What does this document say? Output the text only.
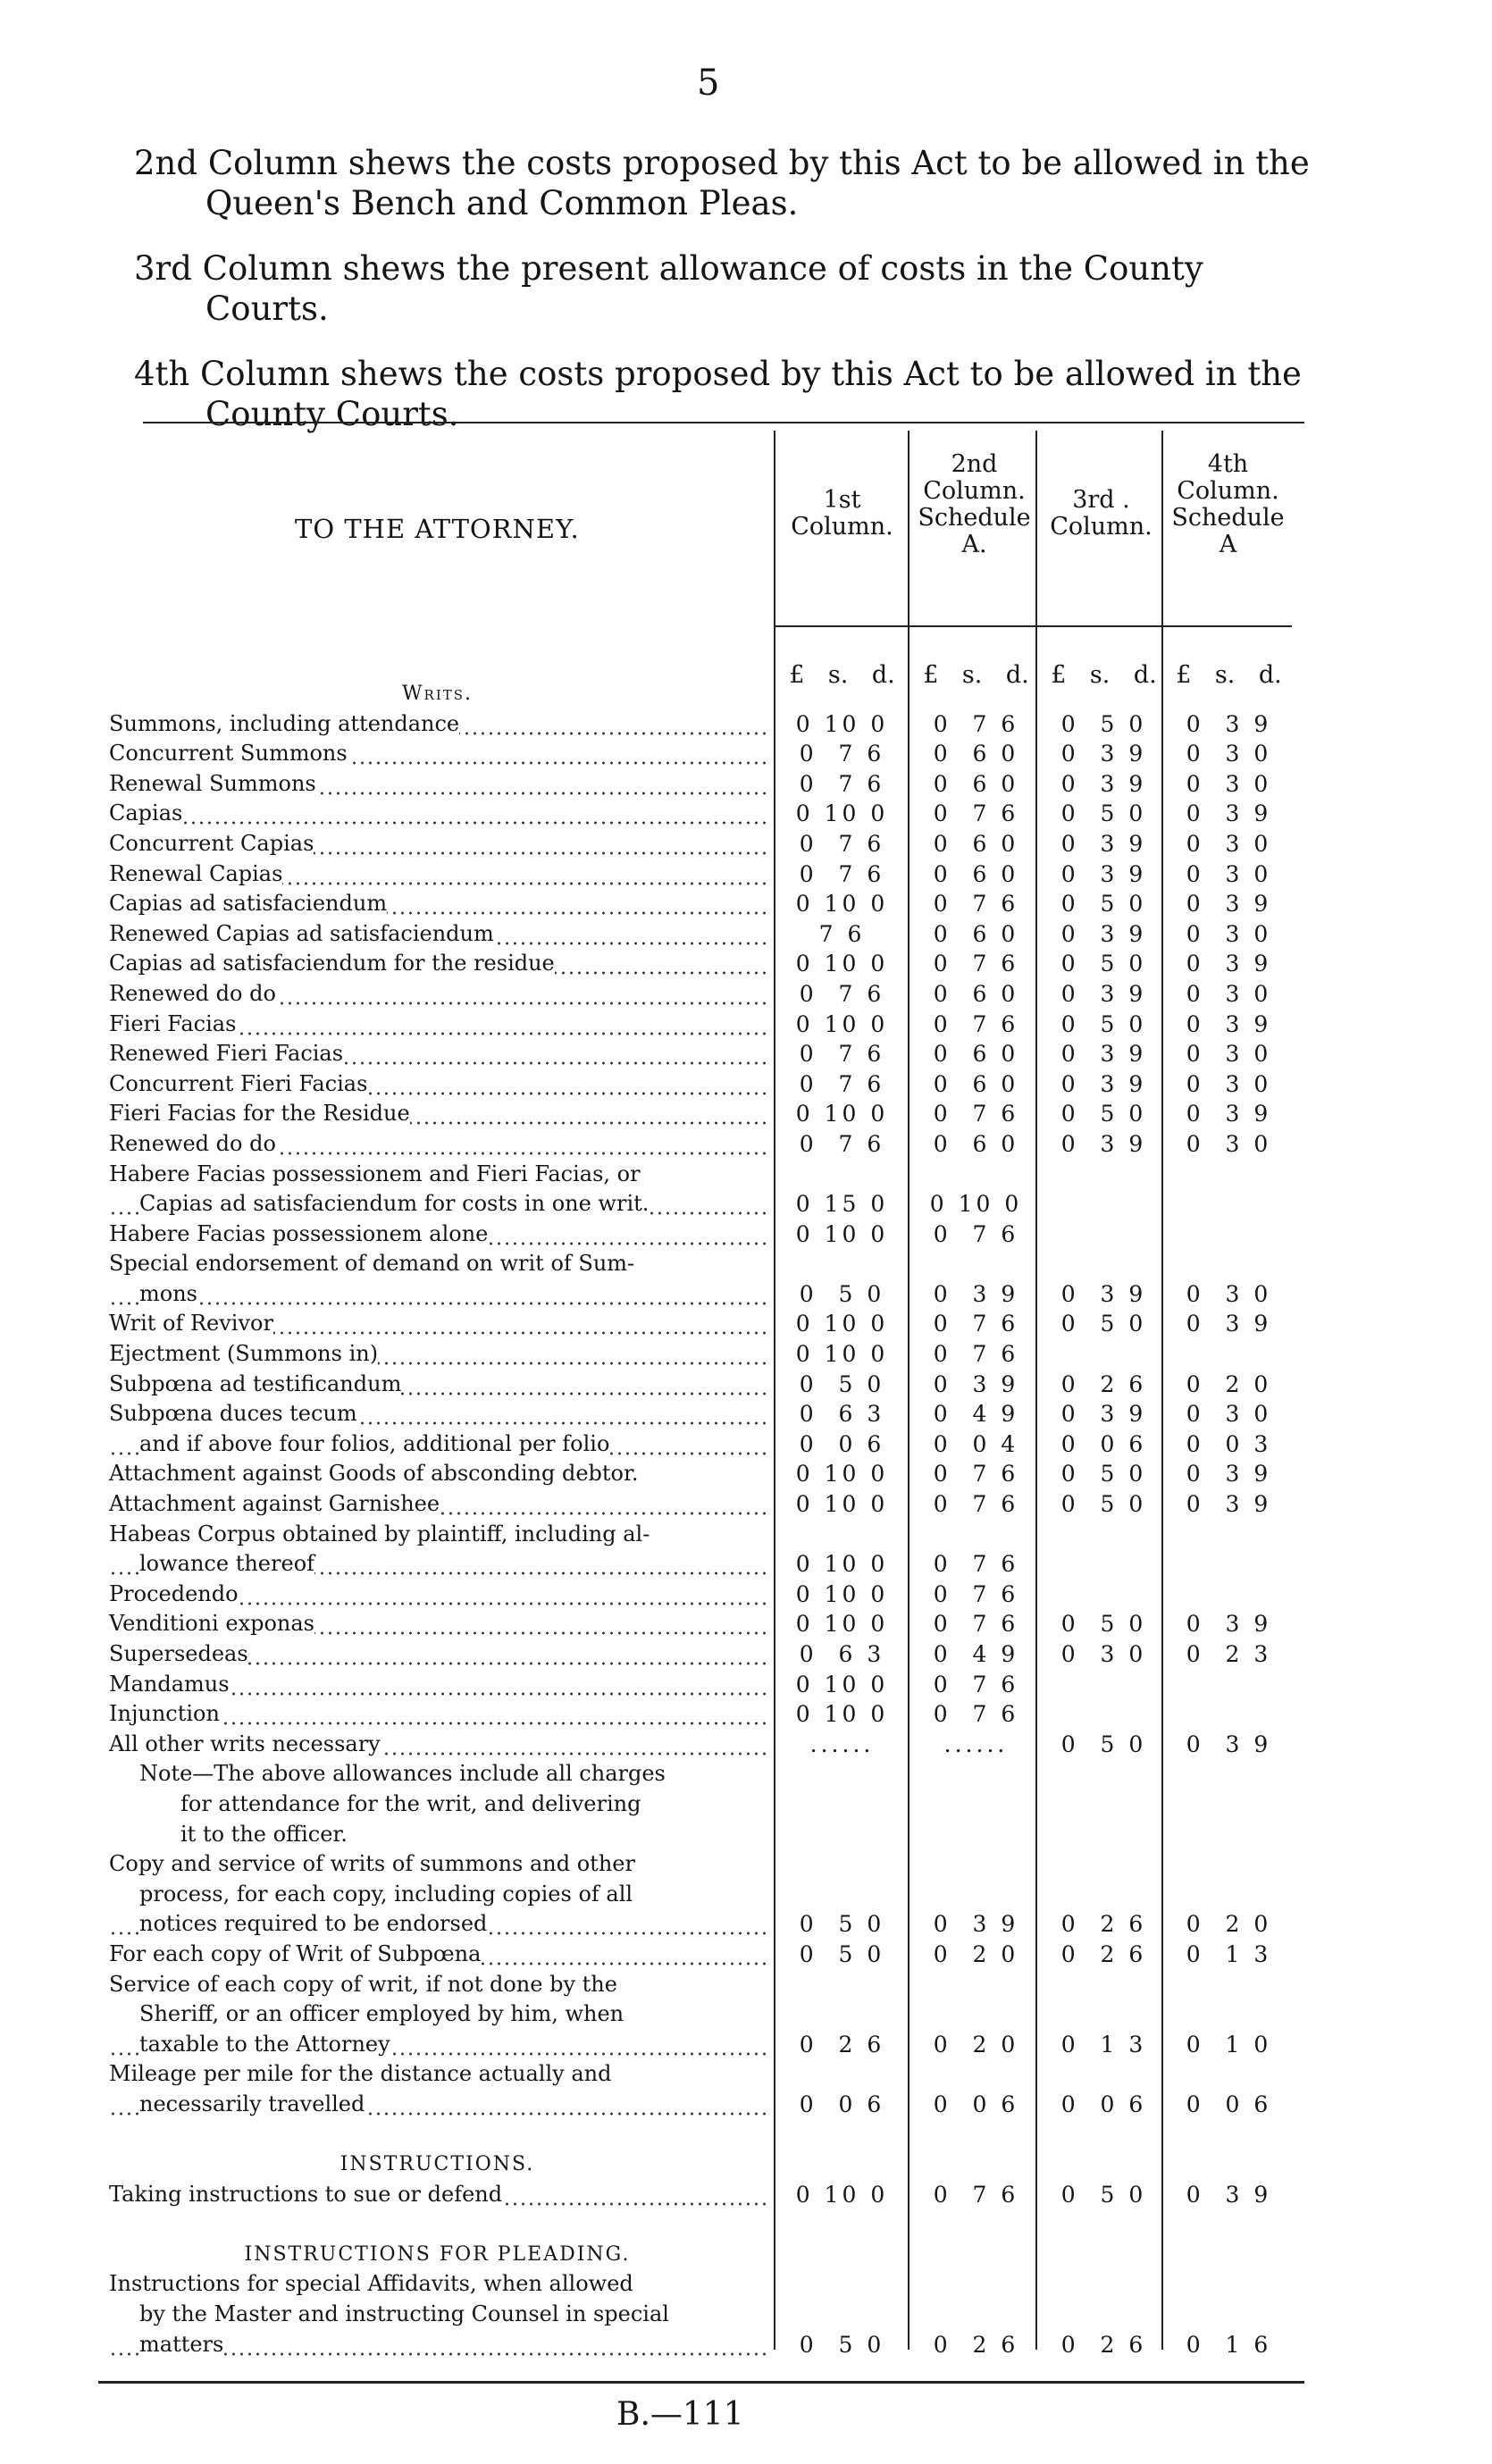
5

2nd Column shews the costs proposed by this Act to be allowed in the Queen's Bench and Common Pleas.

3rd Column shews the present allowance of costs in the County Courts.

4th Column shews the costs proposed by this Act to be allowed in the County Courts.

TO THE ATTORNEY.
1st Column.
2nd Column. Schedule A.
3rd . Column.
4th Column. Schedule A
£ s. d. £ s. d. £ s. d. £ s. d.
Writs.
Summons, including attendance	0 10 0	0  7 6	0  5 0	0  3 9
Concurrent Summons	0  7 6	0  6 0	0  3 9	0  3 0
Renewal Summons	0  7 6	0  6 0	0  3 9	0  3 0
Capias	0 10 0	0  7 6	0  5 0	0  3 9
Concurrent Capias	0  7 6	0  6 0	0  3 9	0  3 0
Renewal Capias	0  7 6	0  6 0	0  3 9	0  3 0
Capias ad satisfaciendum	0 10 0	0  7 6	0  5 0	0  3 9
Renewed Capias ad satisfaciendum	7 6	0  6 0	0  3 9	0  3 0
Capias ad satisfaciendum for the residue	0 10 0	0  7 6	0  5 0	0  3 9
Renewed do do	0  7 6	0  6 0	0  3 9	0  3 0
Fieri Facias	0 10 0	0  7 6	0  5 0	0  3 9
Renewed Fieri Facias	0  7 6	0  6 0	0  3 9	0  3 0
Concurrent Fieri Facias	0  7 6	0  6 0	0  3 9	0  3 0
Fieri Facias for the Residue	0 10 0	0  7 6	0  5 0	0  3 9
Renewed do do	0  7 6	0  6 0	0  3 9	0  3 0
Habere Facias possessionem and Fieri Facias, or
Capias ad satisfaciendum for costs in one writ.	0 15 0	0 10 0
Habere Facias possessionem alone	0 10 0	0  7 6
Special endorsement of demand on writ of Sum-
mons	0  5 0	0  3 9	0  3 9	0  3 0
Writ of Revivor	0 10 0	0  7 6	0  5 0	0  3 9
Ejectment (Summons in)	0 10 0	0  7 6
Subpœna ad testificandum	0  5 0	0  3 9	0  2 6	0  2 0
Subpœna duces tecum	0  6 3	0  4 9	0  3 9	0  3 0
and if above four folios, additional per folio	0  0 6	0  0 4	0  0 6	0  0 3
Attachment against Goods of absconding debtor.	0 10 0	0  7 6	0  5 0	0  3 9
Attachment against Garnishee	0 10 0	0  7 6	0  5 0	0  3 9
Habeas Corpus obtained by plaintiff, including al-
lowance thereof	0 10 0	0  7 6
Procedendo	0 10 0	0  7 6
Venditioni exponas	0 10 0	0  7 6	0  5 0	0  3 9
Supersedeas	0  6 3	0  4 9	0  3 0	0  2 3
Mandamus	0 10 0	0  7 6
Injunction	0 10 0	0  7 6
All other writs necessary	......	......	0  5 0	0  3 9
Note—The above allowances include all charges
for attendance for the writ, and delivering
it to the officer.
Copy and service of writs of summons and other
process, for each copy, including copies of all
notices required to be endorsed	0  5 0	0  3 9	0  2 6	0  2 0
For each copy of Writ of Subpœna	0  5 0	0  2 0	0  2 6	0  1 3
Service of each copy of writ, if not done by the
Sheriff, or an officer employed by him, when
taxable to the Attorney	0  2 6	0  2 0	0  1 3	0  1 0
Mileage per mile for the distance actually and
necessarily travelled	0  0 6	0  0 6	0  0 6	0  0 6
INSTRUCTIONS.
Taking instructions to sue or defend	0 10 0	0  7 6	0  5 0	0  3 9
INSTRUCTIONS FOR PLEADING.
Instructions for special Affidavits, when allowed
by the Master and instructing Counsel in special
matters	0  5 0	0  2 6	0  2 6	0  1 6
B.—111
